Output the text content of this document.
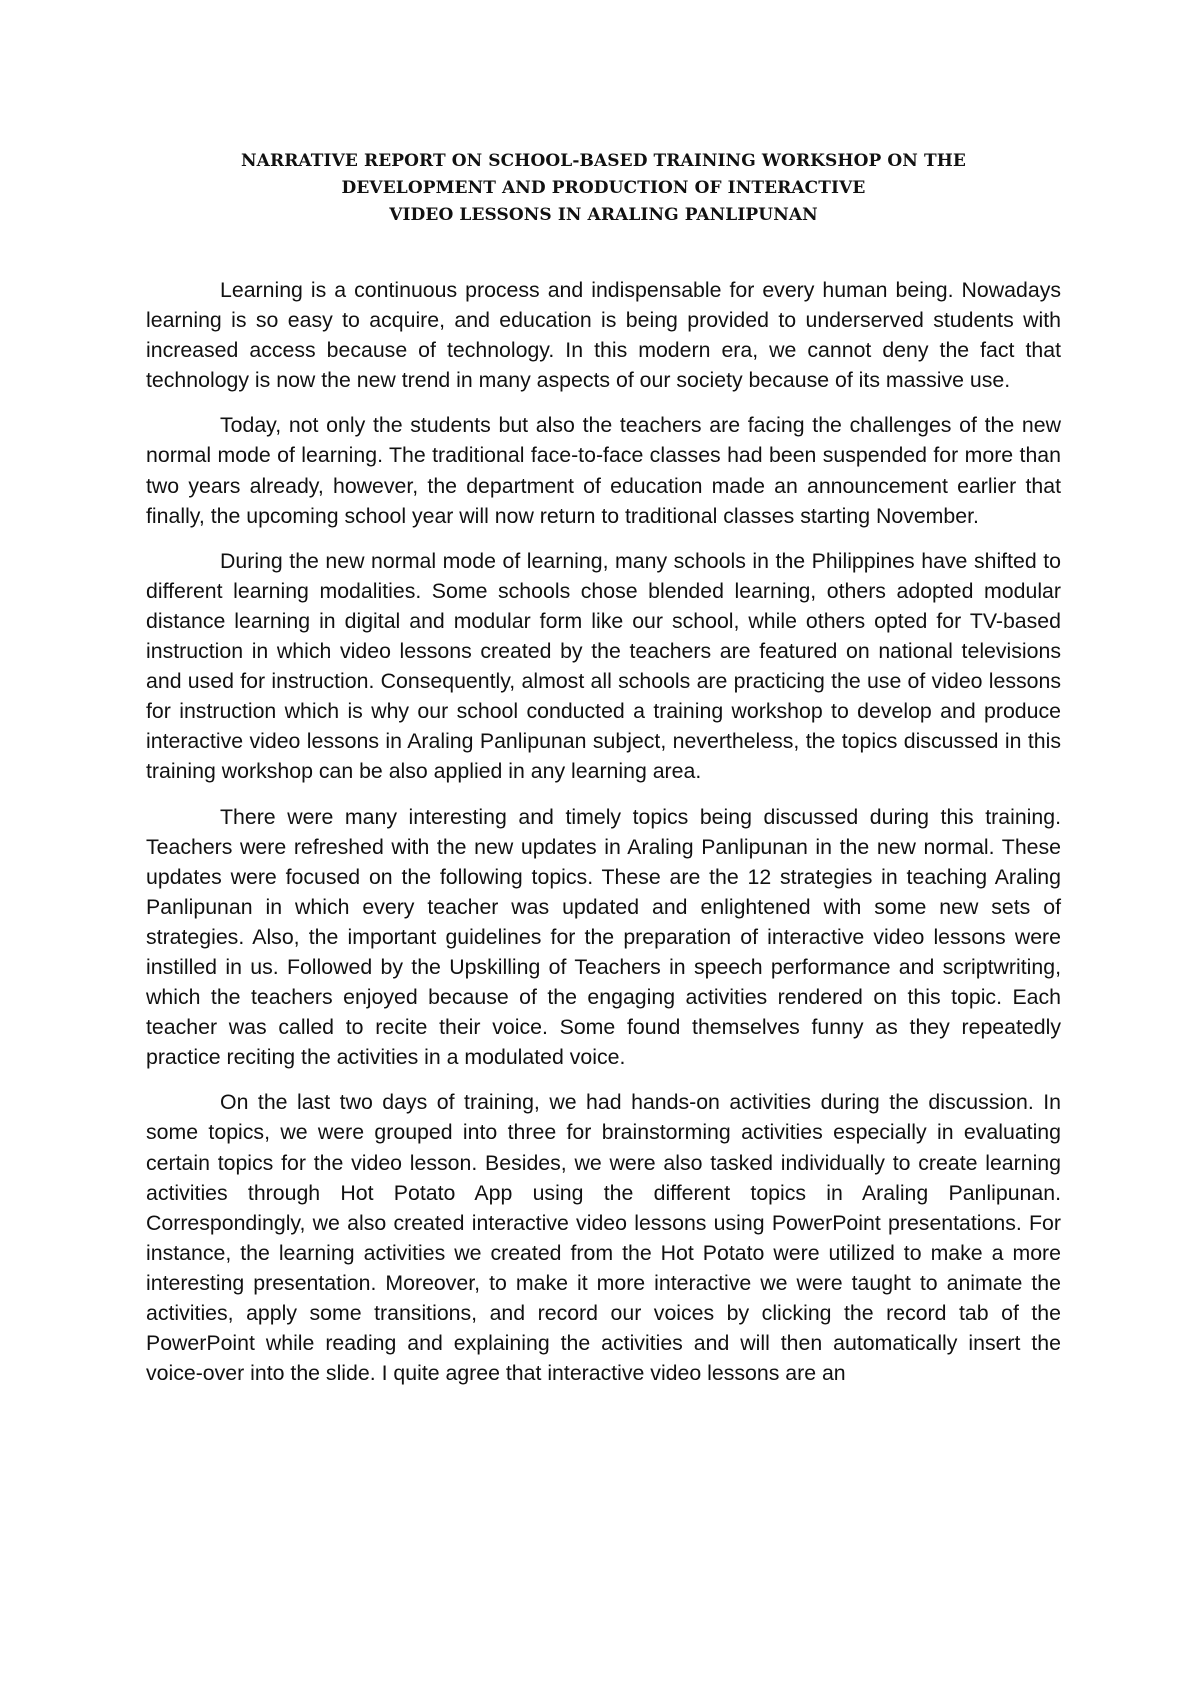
NARRATIVE REPORT ON SCHOOL-BASED TRAINING WORKSHOP ON THE
DEVELOPMENT AND PRODUCTION OF INTERACTIVE
VIDEO LESSONS IN ARALING PANLIPUNAN

Learning is a continuous process and indispensable for every human being. Nowadays learning is so easy to acquire, and education is being provided to underserved students with increased access because of technology. In this modern era, we cannot deny the fact that technology is now the new trend in many aspects of our society because of its massive use.

Today, not only the students but also the teachers are facing the challenges of the new normal mode of learning. The traditional face-to-face classes had been suspended for more than two years already, however, the department of education made an announcement earlier that finally, the upcoming school year will now return to traditional classes starting November.

During the new normal mode of learning, many schools in the Philippines have shifted to different learning modalities. Some schools chose blended learning, others adopted modular distance learning in digital and modular form like our school, while others opted for TV-based instruction in which video lessons created by the teachers are featured on national televisions and used for instruction. Consequently, almost all schools are practicing the use of video lessons for instruction which is why our school conducted a training workshop to develop and produce interactive video lessons in Araling Panlipunan subject, nevertheless, the topics discussed in this training workshop can be also applied in any learning area.

There were many interesting and timely topics being discussed during this training. Teachers were refreshed with the new updates in Araling Panlipunan in the new normal. These updates were focused on the following topics. These are the 12 strategies in teaching Araling Panlipunan in which every teacher was updated and enlightened with some new sets of strategies. Also, the important guidelines for the preparation of interactive video lessons were instilled in us. Followed by the Upskilling of Teachers in speech performance and scriptwriting, which the teachers enjoyed because of the engaging activities rendered on this topic. Each teacher was called to recite their voice. Some found themselves funny as they repeatedly practice reciting the activities in a modulated voice.

On the last two days of training, we had hands-on activities during the discussion. In some topics, we were grouped into three for brainstorming activities especially in evaluating certain topics for the video lesson. Besides, we were also tasked individually to create learning activities through Hot Potato App using the different topics in Araling Panlipunan. Correspondingly, we also created interactive video lessons using PowerPoint presentations. For instance, the learning activities we created from the Hot Potato were utilized to make a more interesting presentation. Moreover, to make it more interactive we were taught to animate the activities, apply some transitions, and record our voices by clicking the record tab of the PowerPoint while reading and explaining the activities and will then automatically insert the voice-over into the slide. I quite agree that interactive video lessons are an
